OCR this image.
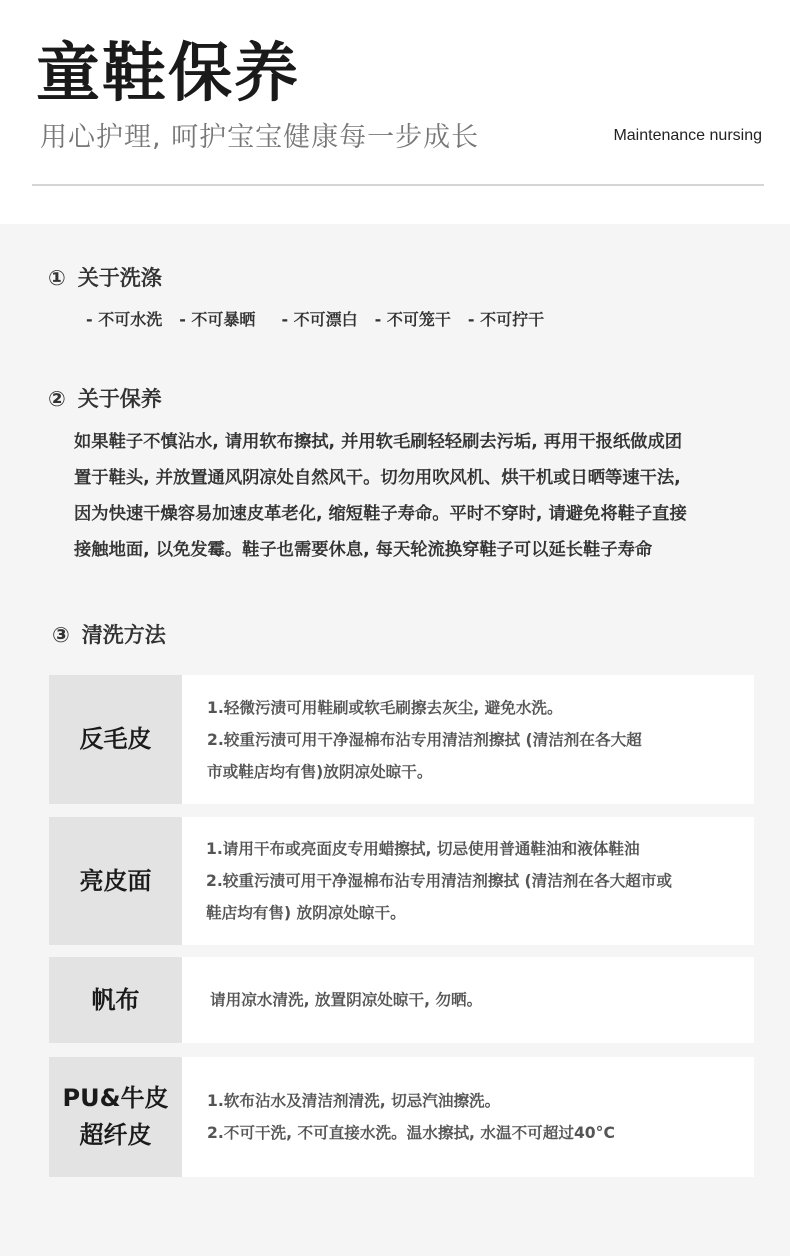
童鞋保养
用心护理, 呵护宝宝健康每一步成长	Maintenance nursing
① 关于洗涤
- 不可水洗 - 不可暴晒 - 不可漂白 - 不可笼干 - 不可拧干
② 关于保养
如果鞋子不慎沾水, 请用软布擦拭, 并用软毛刷轻轻刷去污垢, 再用干报纸做成团
置于鞋头, 并放置通风阴凉处自然风干。切勿用吹风机、烘干机或日晒等速干法,
因为快速干燥容易加速皮革老化, 缩短鞋子寿命。平时不穿时, 请避免将鞋子直接
接触地面, 以免发霉。鞋子也需要休息, 每天轮流换穿鞋子可以延长鞋子寿命
③ 清洗方法
反毛皮
1.轻微污渍可用鞋刷或软毛刷擦去灰尘, 避免水洗。
2.较重污渍可用干净湿棉布沾专用清洁剂擦拭 (清洁剂在各大超
市或鞋店均有售)放阴凉处晾干。
亮皮面
1.请用干布或亮面皮专用蜡擦拭, 切忌使用普通鞋油和液体鞋油
2.较重污渍可用干净湿棉布沾专用清洁剂擦拭 (清洁剂在各大超市或
鞋店均有售) 放阴凉处晾干。
帆布	请用凉水清洗, 放置阴凉处晾干, 勿晒。
PU&牛皮
超纤皮
1.软布沾水及清洁剂清洗, 切忌汽油擦洗。
2.不可干洗, 不可直接水洗。温水擦拭, 水温不可超过40°C
